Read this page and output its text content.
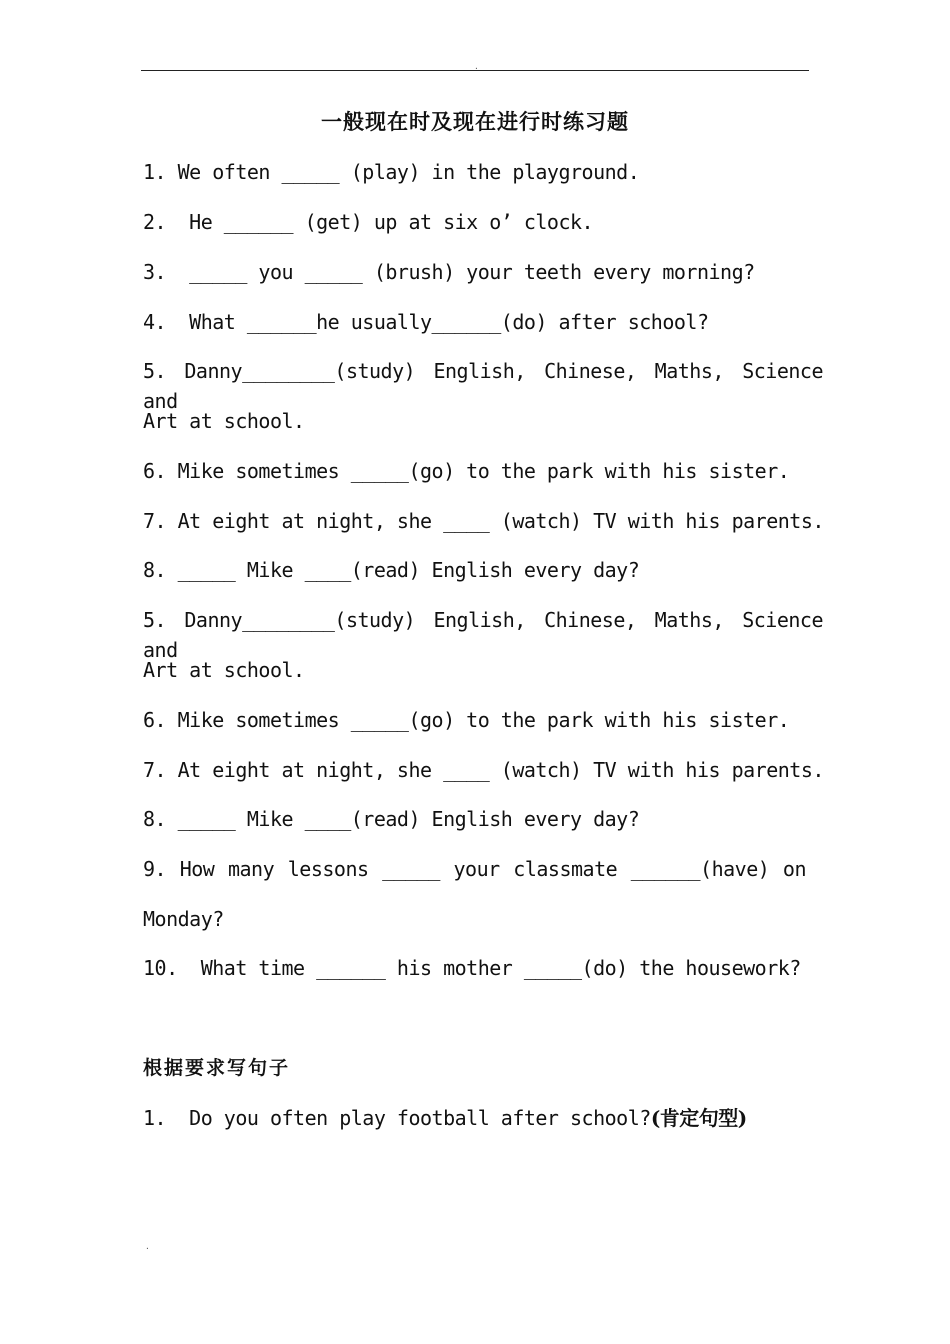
.
一般现在时及现在进行时练习题
1. We often _____ (play) in the playground.
2.  He ______ (get) up at six o’ clock.
3.  _____ you _____ (brush) your teeth every morning?
4.  What ______he usually______(do) after school?
5. Danny________(study) English, Chinese, Maths, Science and
Art at school.
6. Mike sometimes _____(go) to the park with his sister.
7. At eight at night, she ____ (watch) TV with his parents.
8. _____ Mike ____(read) English every day?
5. Danny________(study) English, Chinese, Maths, Science and
Art at school.
6. Mike sometimes _____(go) to the park with his sister.
7. At eight at night, she ____ (watch) TV with his parents.
8. _____ Mike ____(read) English every day?
9. How many lessons _____ your classmate ______(have) on
Monday?
10.  What time ______ his mother _____(do) the housework?
根据要求写句子
1.  Do you often play football after school?(肯定句型)
.
